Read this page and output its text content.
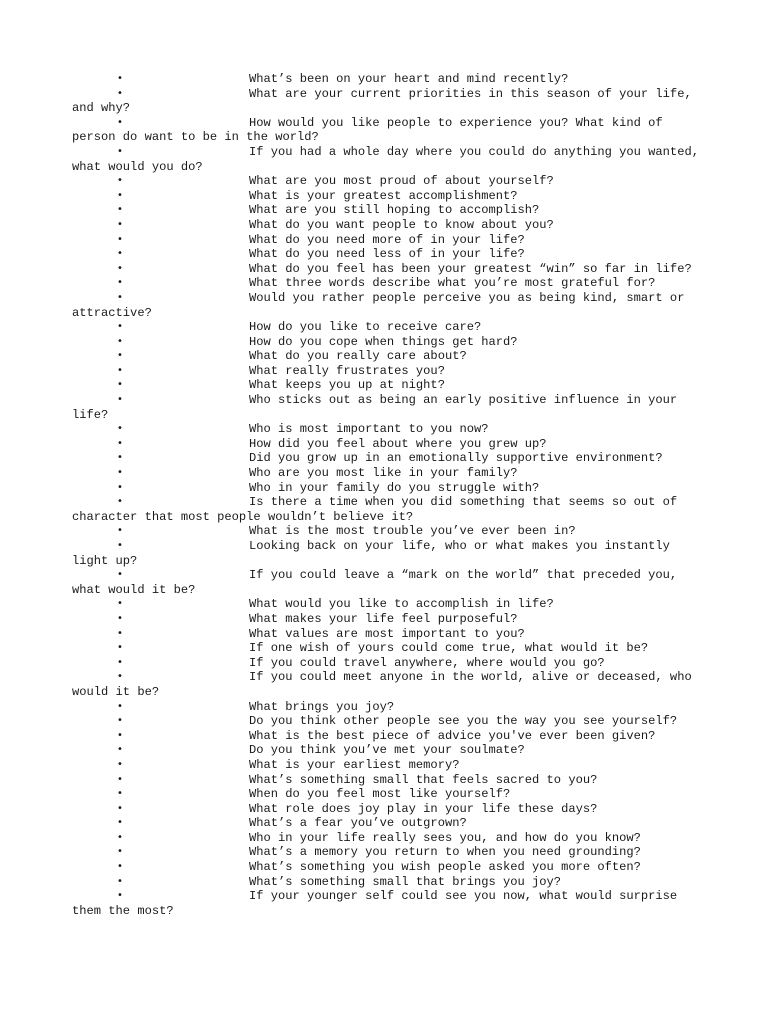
•	What’s been on your heart and mind recently?

•	What are your current priorities in this season of your life, and why?

•	How would you like people to experience you? What kind of person do want to be in the world?

•	If you had a whole day where you could do anything you wanted, what would you do?

•	What are you most proud of about yourself?

•	What is your greatest accomplishment?

•	What are you still hoping to accomplish?

•	What do you want people to know about you?

•	What do you need more of in your life?

•	What do you need less of in your life?

•	What do you feel has been your greatest “win” so far in life?

•	What three words describe what you’re most grateful for?

•	Would you rather people perceive you as being kind, smart or attractive?

•	How do you like to receive care?

•	How do you cope when things get hard?

•	What do you really care about?

•	What really frustrates you?

•	What keeps you up at night?

•	Who sticks out as being an early positive influence in your life?

•	Who is most important to you now?

•	How did you feel about where you grew up?

•	Did you grow up in an emotionally supportive environment?

•	Who are you most like in your family?

•	Who in your family do you struggle with?

•	Is there a time when you did something that seems so out of character that most people wouldn’t believe it?

•	What is the most trouble you’ve ever been in?

•	Looking back on your life, who or what makes you instantly light up?

•	If you could leave a “mark on the world” that preceded you, what would it be?

•	What would you like to accomplish in life?

•	What makes your life feel purposeful?

•	What values are most important to you?

•	If one wish of yours could come true, what would it be?

•	If you could travel anywhere, where would you go?

•	If you could meet anyone in the world, alive or deceased, who would it be?

•	What brings you joy?

•	Do you think other people see you the way you see yourself?

•	What is the best piece of advice you've ever been given?

•	Do you think you’ve met your soulmate?

•	What is your earliest memory?

•	What’s something small that feels sacred to you?

•	When do you feel most like yourself?

•	What role does joy play in your life these days?

•	What’s a fear you’ve outgrown?

•	Who in your life really sees you, and how do you know?

•	What’s a memory you return to when you need grounding?

•	What’s something you wish people asked you more often?

•	What’s something small that brings you joy?

•	If your younger self could see you now, what would surprise them the most?
